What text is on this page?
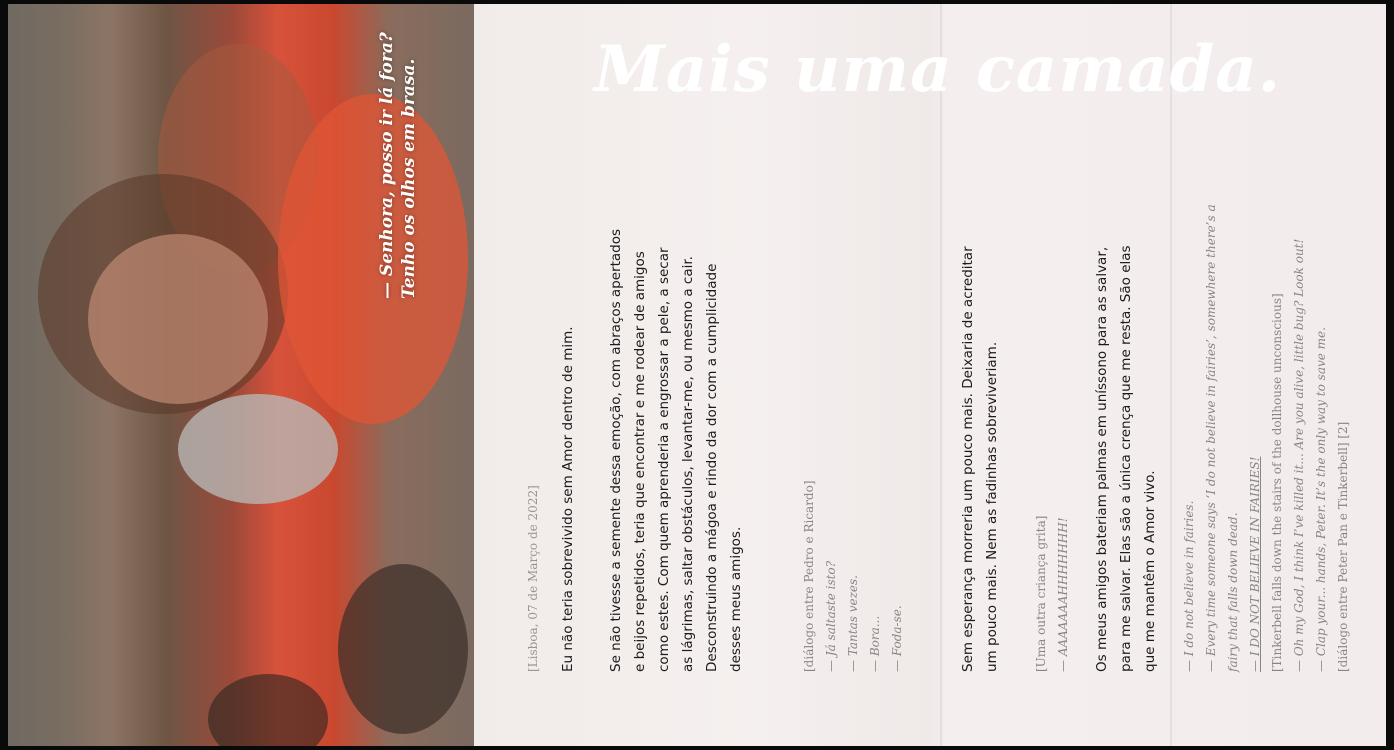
— Senhora, posso ir lá fora? Tenho os olhos em brasa.	Mais uma camada.
[Lisboa, 07 de Março de 2022] Eu não teria sobrevivido sem Amor dentro de mim. Se não tivesse a semente dessa emoção, com abraços apertados e beijos repetidos, teria que encontrar e me rodear de amigos como estes. Com quem aprenderia a engrossar a pele, a secar as lágrimas, saltar obstáculos, levantar-me, ou mesmo a cair. Desconstruindo a mágoa e rindo da dor com a cumplicidade desses meus amigos.	[diálogo entre Pedro e Ricardo] — Já saltaste isto? — Tantas vezes. — Bora... — Foda-se.	Sem esperança morreria um pouco mais. Deixaria de acreditar um pouco mais. Nem as fadinhas sobreviveriam.	[Uma outra criança grita] — AAAAAAAHHHHHHH! Os meus amigos bateriam palmas em uníssono para as salvar, para me salvar. Elas são a única crença que me resta. São elas que me mantêm o Amor vivo.	— I do not believe in fairies. — Every time someone says ‘I do not believe in fairies’, somewhere there’s a fairy that falls down dead. — I DO NOT BELIEVE IN FAIRIES! [Tinkerbell falls down the stairs of the dollhouse unconscious] — Oh my God, I think I’ve killed it... Are you alive, little bug? Look out! — Clap your... hands, Peter. It’s the only way to save me. [diálogo entre Peter Pan e Tinkerbell] [2]
